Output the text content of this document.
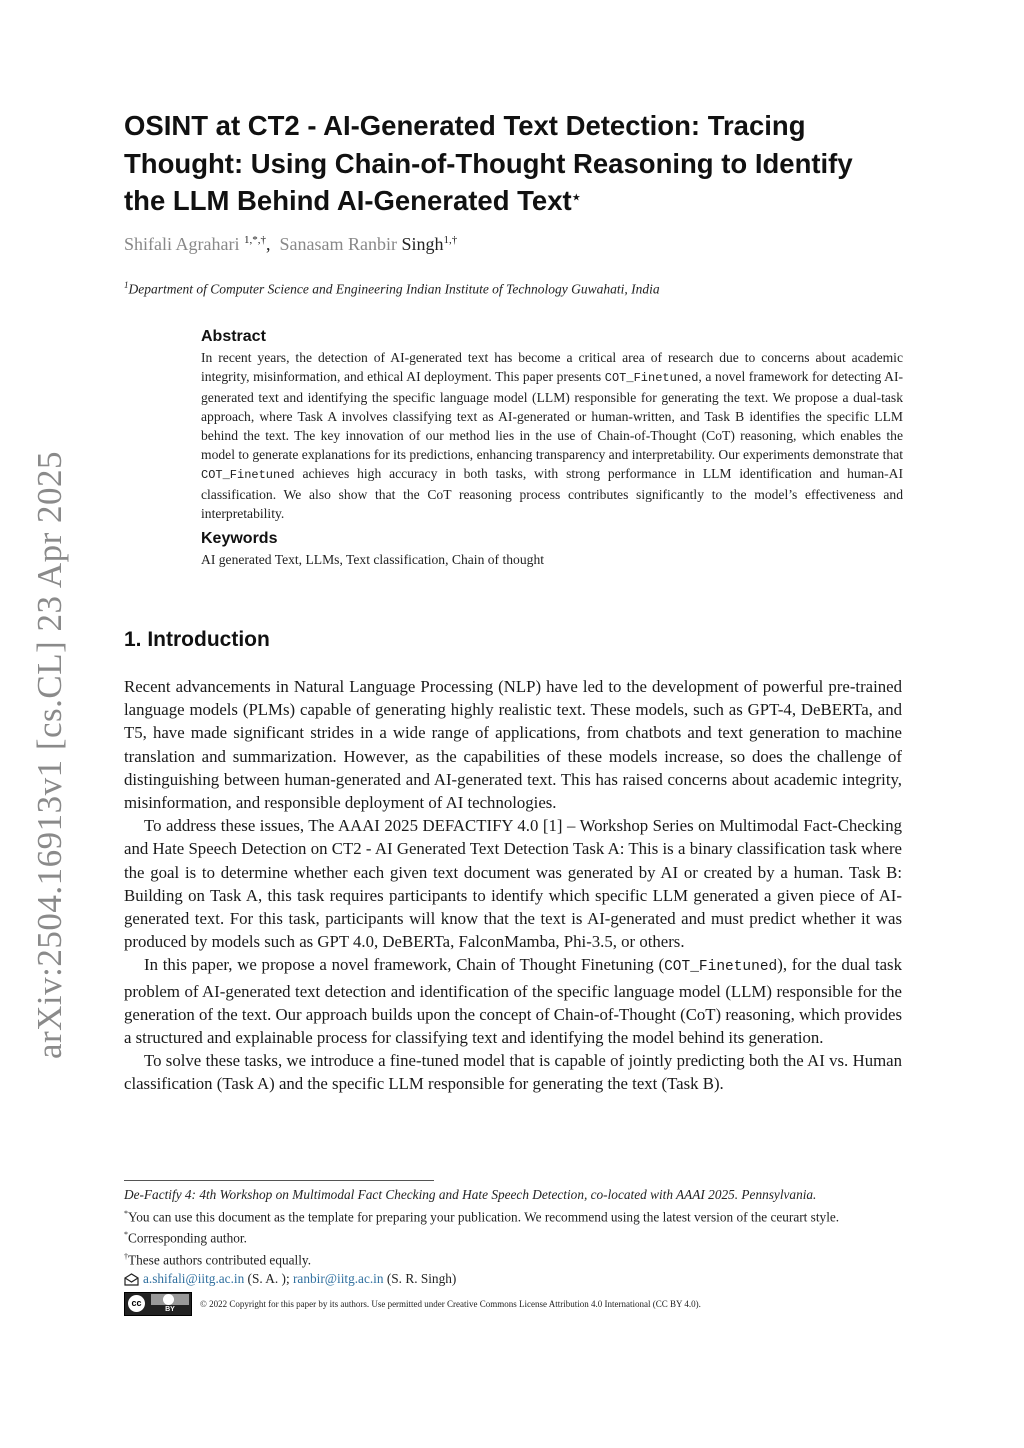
arXiv:2504.16913v1 [cs.CL] 23 Apr 2025
OSINT at CT2 - AI-Generated Text Detection: Tracing
Thought: Using Chain-of-Thought Reasoning to Identify
the LLM Behind AI-Generated Text⋆
Shifali Agrahari $^{1,*,\dagger}$, Sanasam Ranbir Singh$^{1,\dagger}$
$^1$Department of Computer Science and Engineering Indian Institute of Technology Guwahati, India
Abstract

In recent years, the detection of AI-generated text has become a critical area of research due to concerns about academic integrity, misinformation, and ethical AI deployment. This paper presents COT_Finetuned, a novel framework for detecting AI-generated text and identifying the specific language model (LLM) responsible for generating the text. We propose a dual-task approach, where Task A involves classifying text as AI-generated or human-written, and Task B identifies the specific LLM behind the text. The key innovation of our method lies in the use of Chain-of-Thought (CoT) reasoning, which enables the model to generate explanations for its predictions, enhancing transparency and interpretability. Our experiments demonstrate that COT_Finetuned achieves high accuracy in both tasks, with strong performance in LLM identification and human-AI classification. We also show that the CoT reasoning process contributes significantly to the model’s effectiveness and interpretability.

Keywords

AI generated Text, LLMs, Text classification, Chain of thought

1. Introduction

Recent advancements in Natural Language Processing (NLP) have led to the development of powerful pre-trained language models (PLMs) capable of generating highly realistic text. These models, such as GPT-4, DeBERTa, and T5, have made significant strides in a wide range of applications, from chatbots and text generation to machine translation and summarization. However, as the capabilities of these models increase, so does the challenge of distinguishing between human-generated and AI-generated text. This has raised concerns about academic integrity, misinformation, and responsible deployment of AI technologies.

To address these issues, The AAAI 2025 DEFACTIFY 4.0 [1] – Workshop Series on Multimodal Fact-Checking and Hate Speech Detection on CT2 - AI Generated Text Detection Task A: This is a binary classification task where the goal is to determine whether each given text document was generated by AI or created by a human. Task B: Building on Task A, this task requires participants to identify which specific LLM generated a given piece of AI-generated text. For this task, participants will know that the text is AI-generated and must predict whether it was produced by models such as GPT 4.0, DeBERTa, FalconMamba, Phi-3.5, or others.

In this paper, we propose a novel framework, Chain of Thought Finetuning (COT_Finetuned), for the dual task problem of AI-generated text detection and identification of the specific language model (LLM) responsible for the generation of the text. Our approach builds upon the concept of Chain-of-Thought (CoT) reasoning, which provides a structured and explainable process for classifying text and identifying the model behind its generation.

To solve these tasks, we introduce a fine-tuned model that is capable of jointly predicting both the AI vs. Human classification (Task A) and the specific LLM responsible for generating the text (Task B).

De-Factify 4: 4th Workshop on Multimodal Fact Checking and Hate Speech Detection, co-located with AAAI 2025. Pennsylvania.

*You can use this document as the template for preparing your publication. We recommend using the latest version of the ceurart style.

*Corresponding author.

†These authors contributed equally.

a.shifali@iitg.ac.in (S. A. ); ranbir@iitg.ac.in (S. R. Singh)

cc
BY
© 2022 Copyright for this paper by its authors. Use permitted under Creative Commons License Attribution 4.0 International (CC BY 4.0).
